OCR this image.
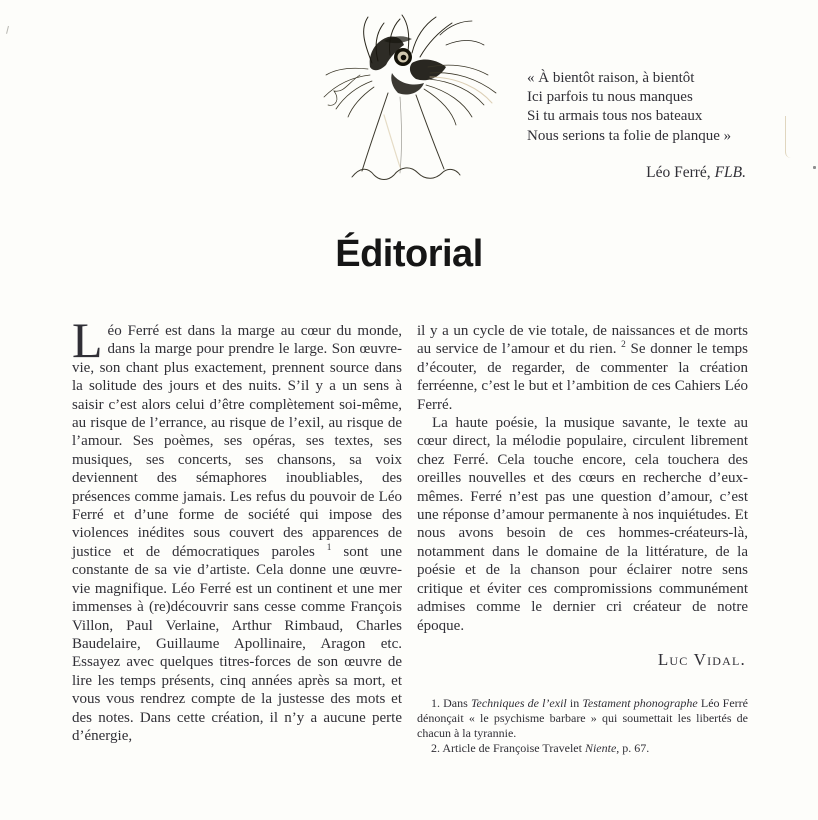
« À bientôt raison, à bientôt
Ici parfois tu nous manques
Si tu armais tous nos bateaux
Nous serions ta folie de planque »
Léo Ferré, FLB.
Éditorial

Léo Ferré est dans la marge au cœur du monde, dans la marge pour prendre le large. Son œuvre-vie, son chant plus exactement, prennent source dans la solitude des jours et des nuits. S’il y a un sens à saisir c’est alors celui d’être complètement soi-même, au risque de l’errance, au risque de l’exil, au risque de l’amour. Ses poèmes, ses opéras, ses textes, ses musiques, ses concerts, ses chansons, sa voix deviennent des sémaphores inoubliables, des présences comme jamais. Les refus du pouvoir de Léo Ferré et d’une forme de société qui impose des violences inédites sous couvert des apparences de justice et de démocratiques paroles $^1$ sont une constante de sa vie d’artiste. Cela donne une œuvre-vie magnifique. Léo Ferré est un continent et une mer immenses à (re)découvrir sans cesse comme François Villon, Paul Verlaine, Arthur Rimbaud, Charles Baudelaire, Guillaume Apollinaire, Aragon etc. Essayez avec quelques titres-forces de son œuvre de lire les temps présents, cinq années après sa mort, et vous vous rendrez compte de la justesse des mots et des notes. Dans cette création, il n’y a aucune perte d’énergie,

il y a un cycle de vie totale, de naissances et de morts au service de l’amour et du rien. $^2$ Se donner le temps d’écouter, de regarder, de commenter la création ferréenne, c’est le but et l’ambition de ces Cahiers Léo Ferré.

La haute poésie, la musique savante, le texte au cœur direct, la mélodie populaire, circulent librement chez Ferré. Cela touche encore, cela touchera des oreilles nouvelles et des cœurs en recherche d’eux-mêmes. Ferré n’est pas une question d’amour, c’est une réponse d’amour permanente à nos inquiétudes. Et nous avons besoin de ces hommes-créateurs-là, notamment dans le domaine de la littérature, de la poésie et de la chanson pour éclairer notre sens critique et éviter ces compromissions communément admises comme le dernier cri créateur de notre époque.

Luc Vidal.

1. Dans Techniques de l’exil in Testament phonographe Léo Ferré dénonçait « le psychisme barbare » qui soumettait les libertés de chacun à la tyrannie.

2. Article de Françoise Travelet Niente, p. 67.
